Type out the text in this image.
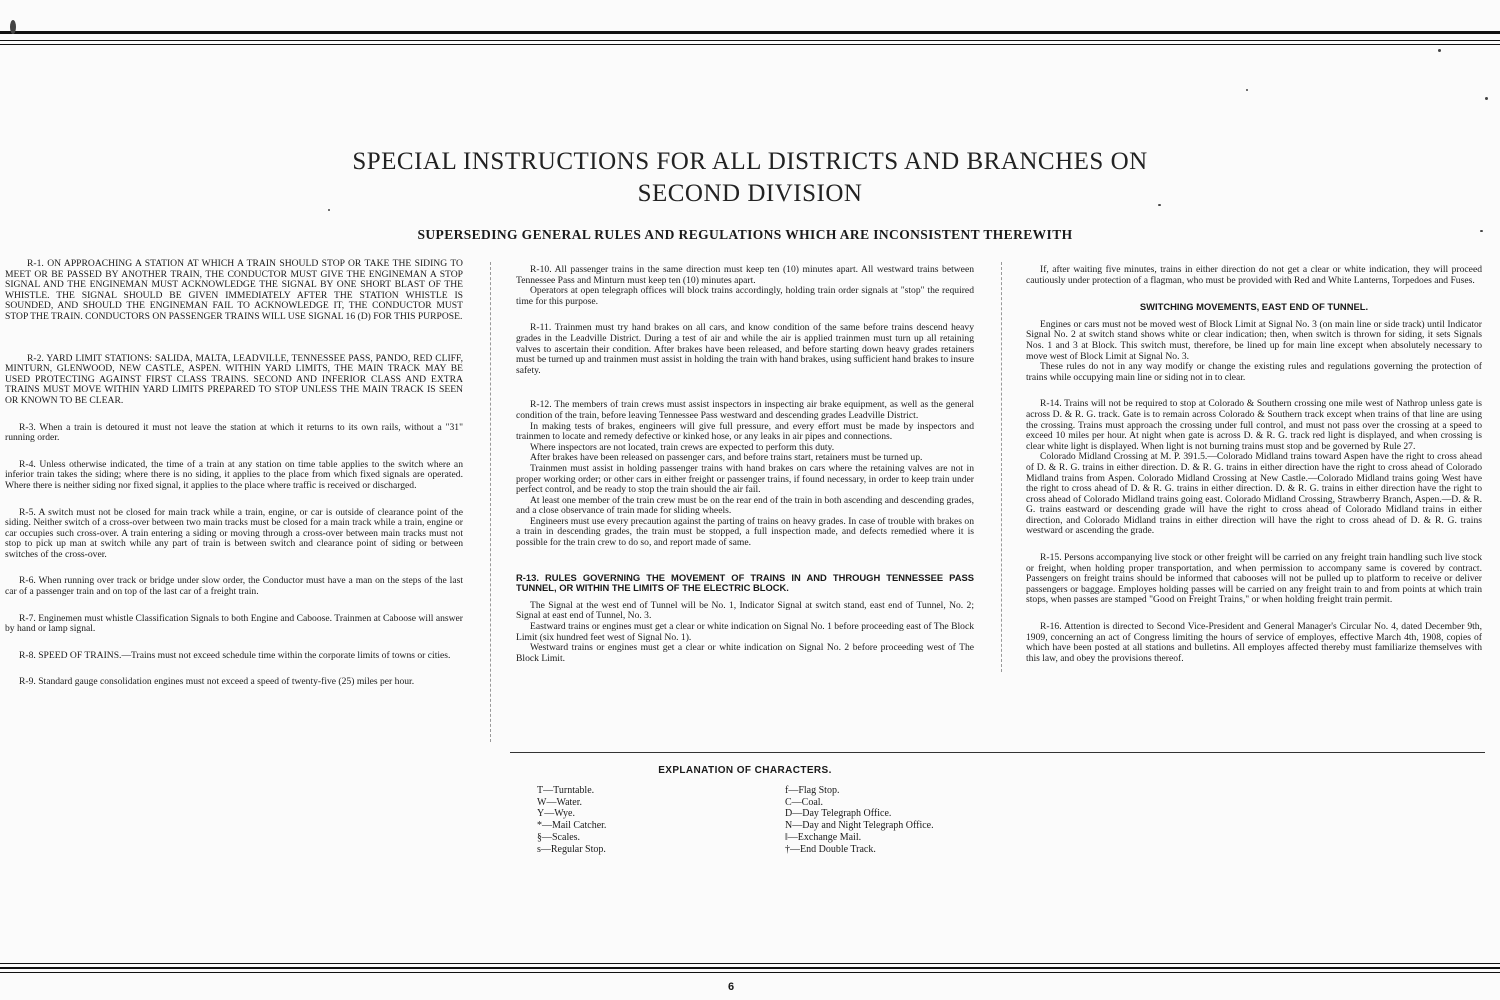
SPECIAL INSTRUCTIONS FOR ALL DISTRICTS AND BRANCHES ON
SECOND DIVISION
SUPERSEDING GENERAL RULES AND REGULATIONS WHICH ARE INCONSISTENT THEREWITH

R-1. ON APPROACHING A STATION AT WHICH A TRAIN SHOULD STOP OR TAKE THE SIDING TO MEET OR BE PASSED BY ANOTHER TRAIN, THE CONDUCTOR MUST GIVE THE ENGINEMAN A STOP SIGNAL AND THE ENGINEMAN MUST ACKNOWLEDGE THE SIGNAL BY ONE SHORT BLAST OF THE WHISTLE. THE SIGNAL SHOULD BE GIVEN IMMEDIATELY AFTER THE STATION WHISTLE IS SOUNDED, AND SHOULD THE ENGINEMAN FAIL TO ACKNOWLEDGE IT, THE CONDUCTOR MUST STOP THE TRAIN. CONDUCTORS ON PASSENGER TRAINS WILL USE SIGNAL 16 (D) FOR THIS PURPOSE.

R-2. YARD LIMIT STATIONS: SALIDA, MALTA, LEADVILLE, TENNESSEE PASS, PANDO, RED CLIFF, MINTURN, GLENWOOD, NEW CASTLE, ASPEN. WITHIN YARD LIMITS, THE MAIN TRACK MAY BE USED PROTECTING AGAINST FIRST CLASS TRAINS. SECOND AND INFERIOR CLASS AND EXTRA TRAINS MUST MOVE WITHIN YARD LIMITS PREPARED TO STOP UNLESS THE MAIN TRACK IS SEEN OR KNOWN TO BE CLEAR.

R-3. When a train is detoured it must not leave the station at which it returns to its own rails, without a "31" running order.

R-4. Unless otherwise indicated, the time of a train at any station on time table applies to the switch where an inferior train takes the siding; where there is no siding, it applies to the place from which fixed signals are operated. Where there is neither siding nor fixed signal, it applies to the place where traffic is received or discharged.

R-5. A switch must not be closed for main track while a train, engine, or car is outside of clearance point of the siding. Neither switch of a cross-over between two main tracks must be closed for a main track while a train, engine or car occupies such cross-over. A train entering a siding or moving through a cross-over between main tracks must not stop to pick up man at switch while any part of train is between switch and clearance point of siding or between switches of the cross-over.

R-6. When running over track or bridge under slow order, the Conductor must have a man on the steps of the last car of a passenger train and on top of the last car of a freight train.

R-7. Enginemen must whistle Classification Signals to both Engine and Caboose. Trainmen at Caboose will answer by hand or lamp signal.

R-8. SPEED OF TRAINS.—Trains must not exceed schedule time within the corporate limits of towns or cities.

R-9. Standard gauge consolidation engines must not exceed a speed of twenty-five (25) miles per hour.

R-10. All passenger trains in the same direction must keep ten (10) minutes apart. All westward trains between Tennessee Pass and Minturn must keep ten (10) minutes apart.

Operators at open telegraph offices will block trains accordingly, holding train order signals at "stop" the required time for this purpose.

R-11. Trainmen must try hand brakes on all cars, and know condition of the same before trains descend heavy grades in the Leadville District. During a test of air and while the air is applied trainmen must turn up all retaining valves to ascertain their condition. After brakes have been released, and before starting down heavy grades retainers must be turned up and trainmen must assist in holding the train with hand brakes, using sufficient hand brakes to insure safety.

R-12. The members of train crews must assist inspectors in inspecting air brake equipment, as well as the general condition of the train, before leaving Tennessee Pass westward and descending grades Leadville District.

In making tests of brakes, engineers will give full pressure, and every effort must be made by inspectors and trainmen to locate and remedy defective or kinked hose, or any leaks in air pipes and connections.

Where inspectors are not located, train crews are expected to perform this duty.

After brakes have been released on passenger cars, and before trains start, retainers must be turned up.

Trainmen must assist in holding passenger trains with hand brakes on cars where the retaining valves are not in proper working order; or other cars in either freight or passenger trains, if found necessary, in order to keep train under perfect control, and be ready to stop the train should the air fail.

At least one member of the train crew must be on the rear end of the train in both ascending and descending grades, and a close observance of train made for sliding wheels.

Engineers must use every precaution against the parting of trains on heavy grades. In case of trouble with brakes on a train in descending grades, the train must be stopped, a full inspection made, and defects remedied where it is possible for the train crew to do so, and report made of same.

R-13. RULES GOVERNING THE MOVEMENT OF TRAINS IN AND THROUGH TENNESSEE PASS TUNNEL, OR WITHIN THE LIMITS OF THE ELECTRIC BLOCK.

The Signal at the west end of Tunnel will be No. 1, Indicator Signal at switch stand, east end of Tunnel, No. 2; Signal at east end of Tunnel, No. 3.

Eastward trains or engines must get a clear or white indication on Signal No. 1 before proceeding east of The Block Limit (six hundred feet west of Signal No. 1).

Westward trains or engines must get a clear or white indication on Signal No. 2 before proceeding west of The Block Limit.

If, after waiting five minutes, trains in either direction do not get a clear or white indication, they will proceed cautiously under protection of a flagman, who must be provided with Red and White Lanterns, Torpedoes and Fuses.

SWITCHING MOVEMENTS, EAST END OF TUNNEL.

Engines or cars must not be moved west of Block Limit at Signal No. 3 (on main line or side track) until Indicator Signal No. 2 at switch stand shows white or clear indication; then, when switch is thrown for siding, it sets Signals Nos. 1 and 3 at Block. This switch must, therefore, be lined up for main line except when absolutely necessary to move west of Block Limit at Signal No. 3.

These rules do not in any way modify or change the existing rules and regulations governing the protection of trains while occupying main line or siding not in to clear.

R-14. Trains will not be required to stop at Colorado & Southern crossing one mile west of Nathrop unless gate is across D. & R. G. track. Gate is to remain across Colorado & Southern track except when trains of that line are using the crossing. Trains must approach the crossing under full control, and must not pass over the crossing at a speed to exceed 10 miles per hour. At night when gate is across D. & R. G. track red light is displayed, and when crossing is clear white light is displayed. When light is not burning trains must stop and be governed by Rule 27.

Colorado Midland Crossing at M. P. 391.5.—Colorado Midland trains toward Aspen have the right to cross ahead of D. & R. G. trains in either direction. D. & R. G. trains in either direction have the right to cross ahead of Colorado Midland trains from Aspen. Colorado Midland Crossing at New Castle.—Colorado Midland trains going West have the right to cross ahead of D. & R. G. trains in either direction. D. & R. G. trains in either direction have the right to cross ahead of Colorado Midland trains going east. Colorado Midland Crossing, Strawberry Branch, Aspen.—D. & R. G. trains eastward or descending grade will have the right to cross ahead of Colorado Midland trains in either direction, and Colorado Midland trains in either direction will have the right to cross ahead of D. & R. G. trains westward or ascending the grade.

R-15. Persons accompanying live stock or other freight will be carried on any freight train handling such live stock or freight, when holding proper transportation, and when permission to accompany same is covered by contract. Passengers on freight trains should be informed that cabooses will not be pulled up to platform to receive or deliver passengers or baggage. Employes holding passes will be carried on any freight train to and from points at which train stops, when passes are stamped "Good on Freight Trains," or when holding freight train permit.

R-16. Attention is directed to Second Vice-President and General Manager's Circular No. 4, dated December 9th, 1909, concerning an act of Congress limiting the hours of service of employes, effective March 4th, 1908, copies of which have been posted at all stations and bulletins. All employes affected thereby must familiarize themselves with this law, and obey the provisions thereof.

EXPLANATION OF CHARACTERS.
T—Turntable.
W—Water.
Y—Wye.
*—Mail Catcher.
§—Scales.
s—Regular Stop.
f—Flag Stop.
C—Coal.
D—Day Telegraph Office.
N—Day and Night Telegraph Office.
‖—Exchange Mail.
†—End Double Track.
6
